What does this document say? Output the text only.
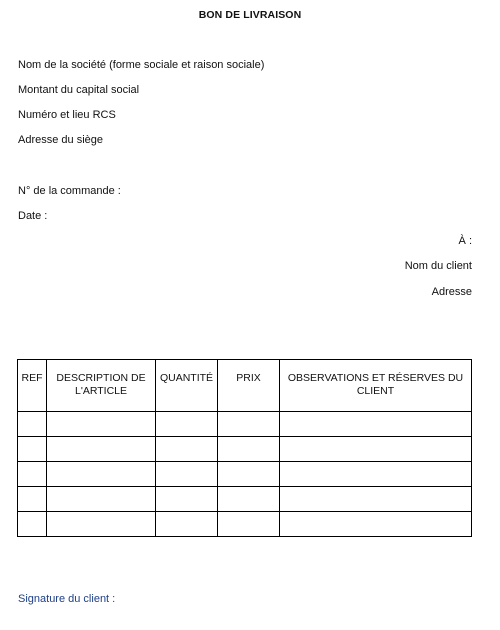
BON DE LIVRAISON
Nom de la société (forme sociale et raison sociale)
Montant du capital social
Numéro et lieu RCS
Adresse du siège
N° de la commande :
Date :
À :
Nom du client
Adresse
REF	DESCRIPTION DE L'ARTICLE	QUANTITÉ	PRIX	OBSERVATIONS ET RÉSERVES DU CLIENT

Signature du client :
